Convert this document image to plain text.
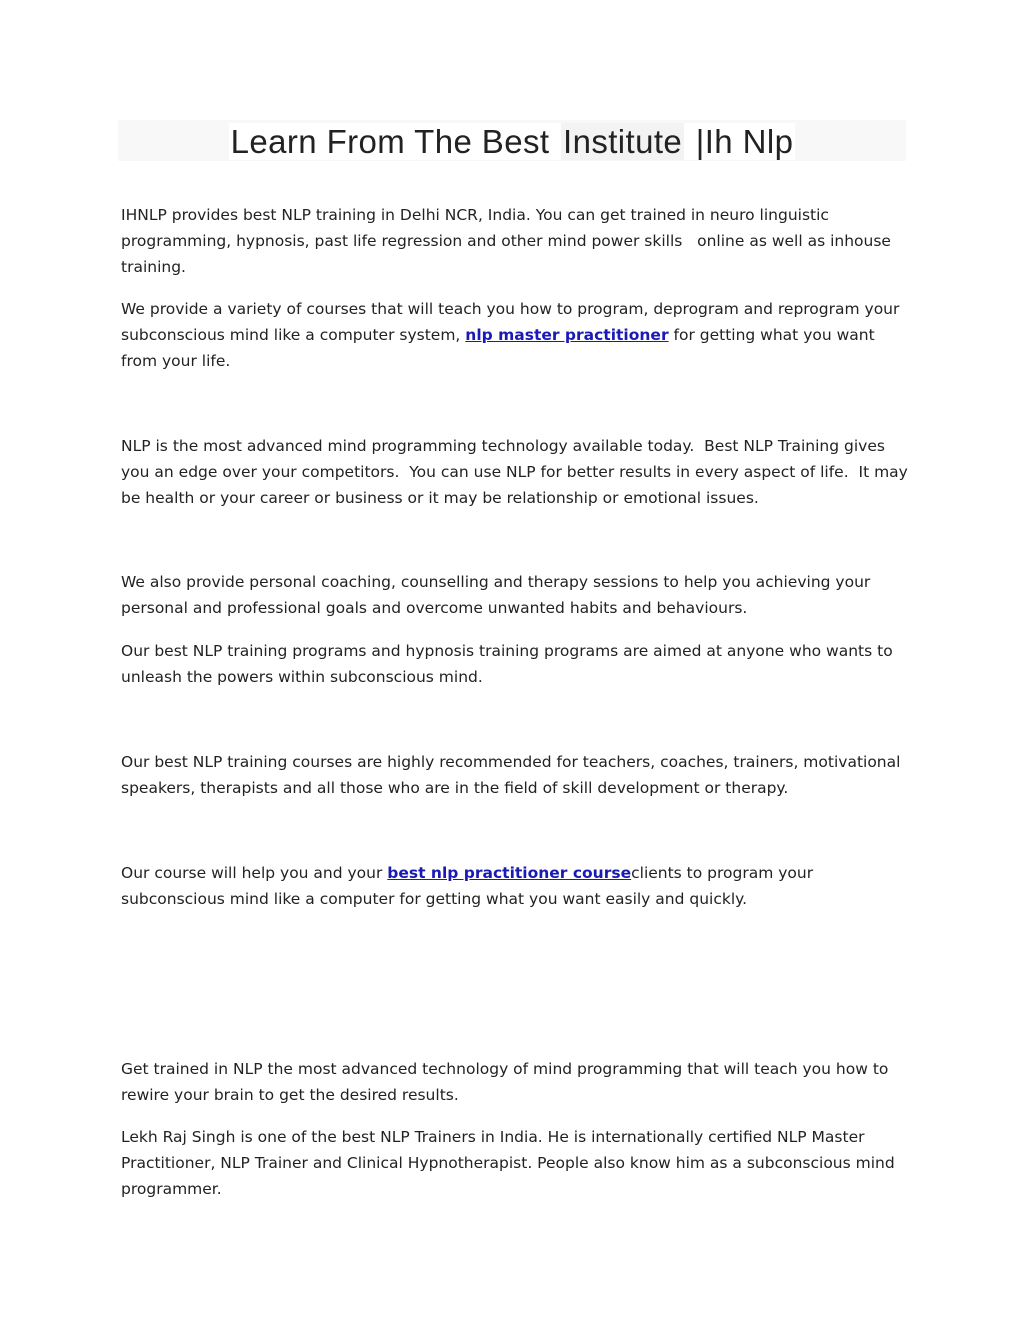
Learn From The Best Institute |Ih Nlp

IHNLP provides best NLP training in Delhi NCR, India. You can get trained in neuro linguistic programming, hypnosis, past life regression and other mind power skills   online as well as inhouse training.

We provide a variety of courses that will teach you how to program, deprogram and reprogram your subconscious mind like a computer system, nlp master practitioner for getting what you want from your life.

NLP is the most advanced mind programming technology available today.  Best NLP Training gives you an edge over your competitors.  You can use NLP for better results in every aspect of life.  It may be health or your career or business or it may be relationship or emotional issues.

We also provide personal coaching, counselling and therapy sessions to help you achieving your personal and professional goals and overcome unwanted habits and behaviours.

Our best NLP training programs and hypnosis training programs are aimed at anyone who wants to unleash the powers within subconscious mind.

Our best NLP training courses are highly recommended for teachers, coaches, trainers, motivational speakers, therapists and all those who are in the field of skill development or therapy.

Our course will help you and your best nlp practitioner courseclients to program your subconscious mind like a computer for getting what you want easily and quickly.

Get trained in NLP the most advanced technology of mind programming that will teach you how to rewire your brain to get the desired results.

Lekh Raj Singh is one of the best NLP Trainers in India. He is internationally certified NLP Master Practitioner, NLP Trainer and Clinical Hypnotherapist. People also know him as a subconscious mind programmer.
